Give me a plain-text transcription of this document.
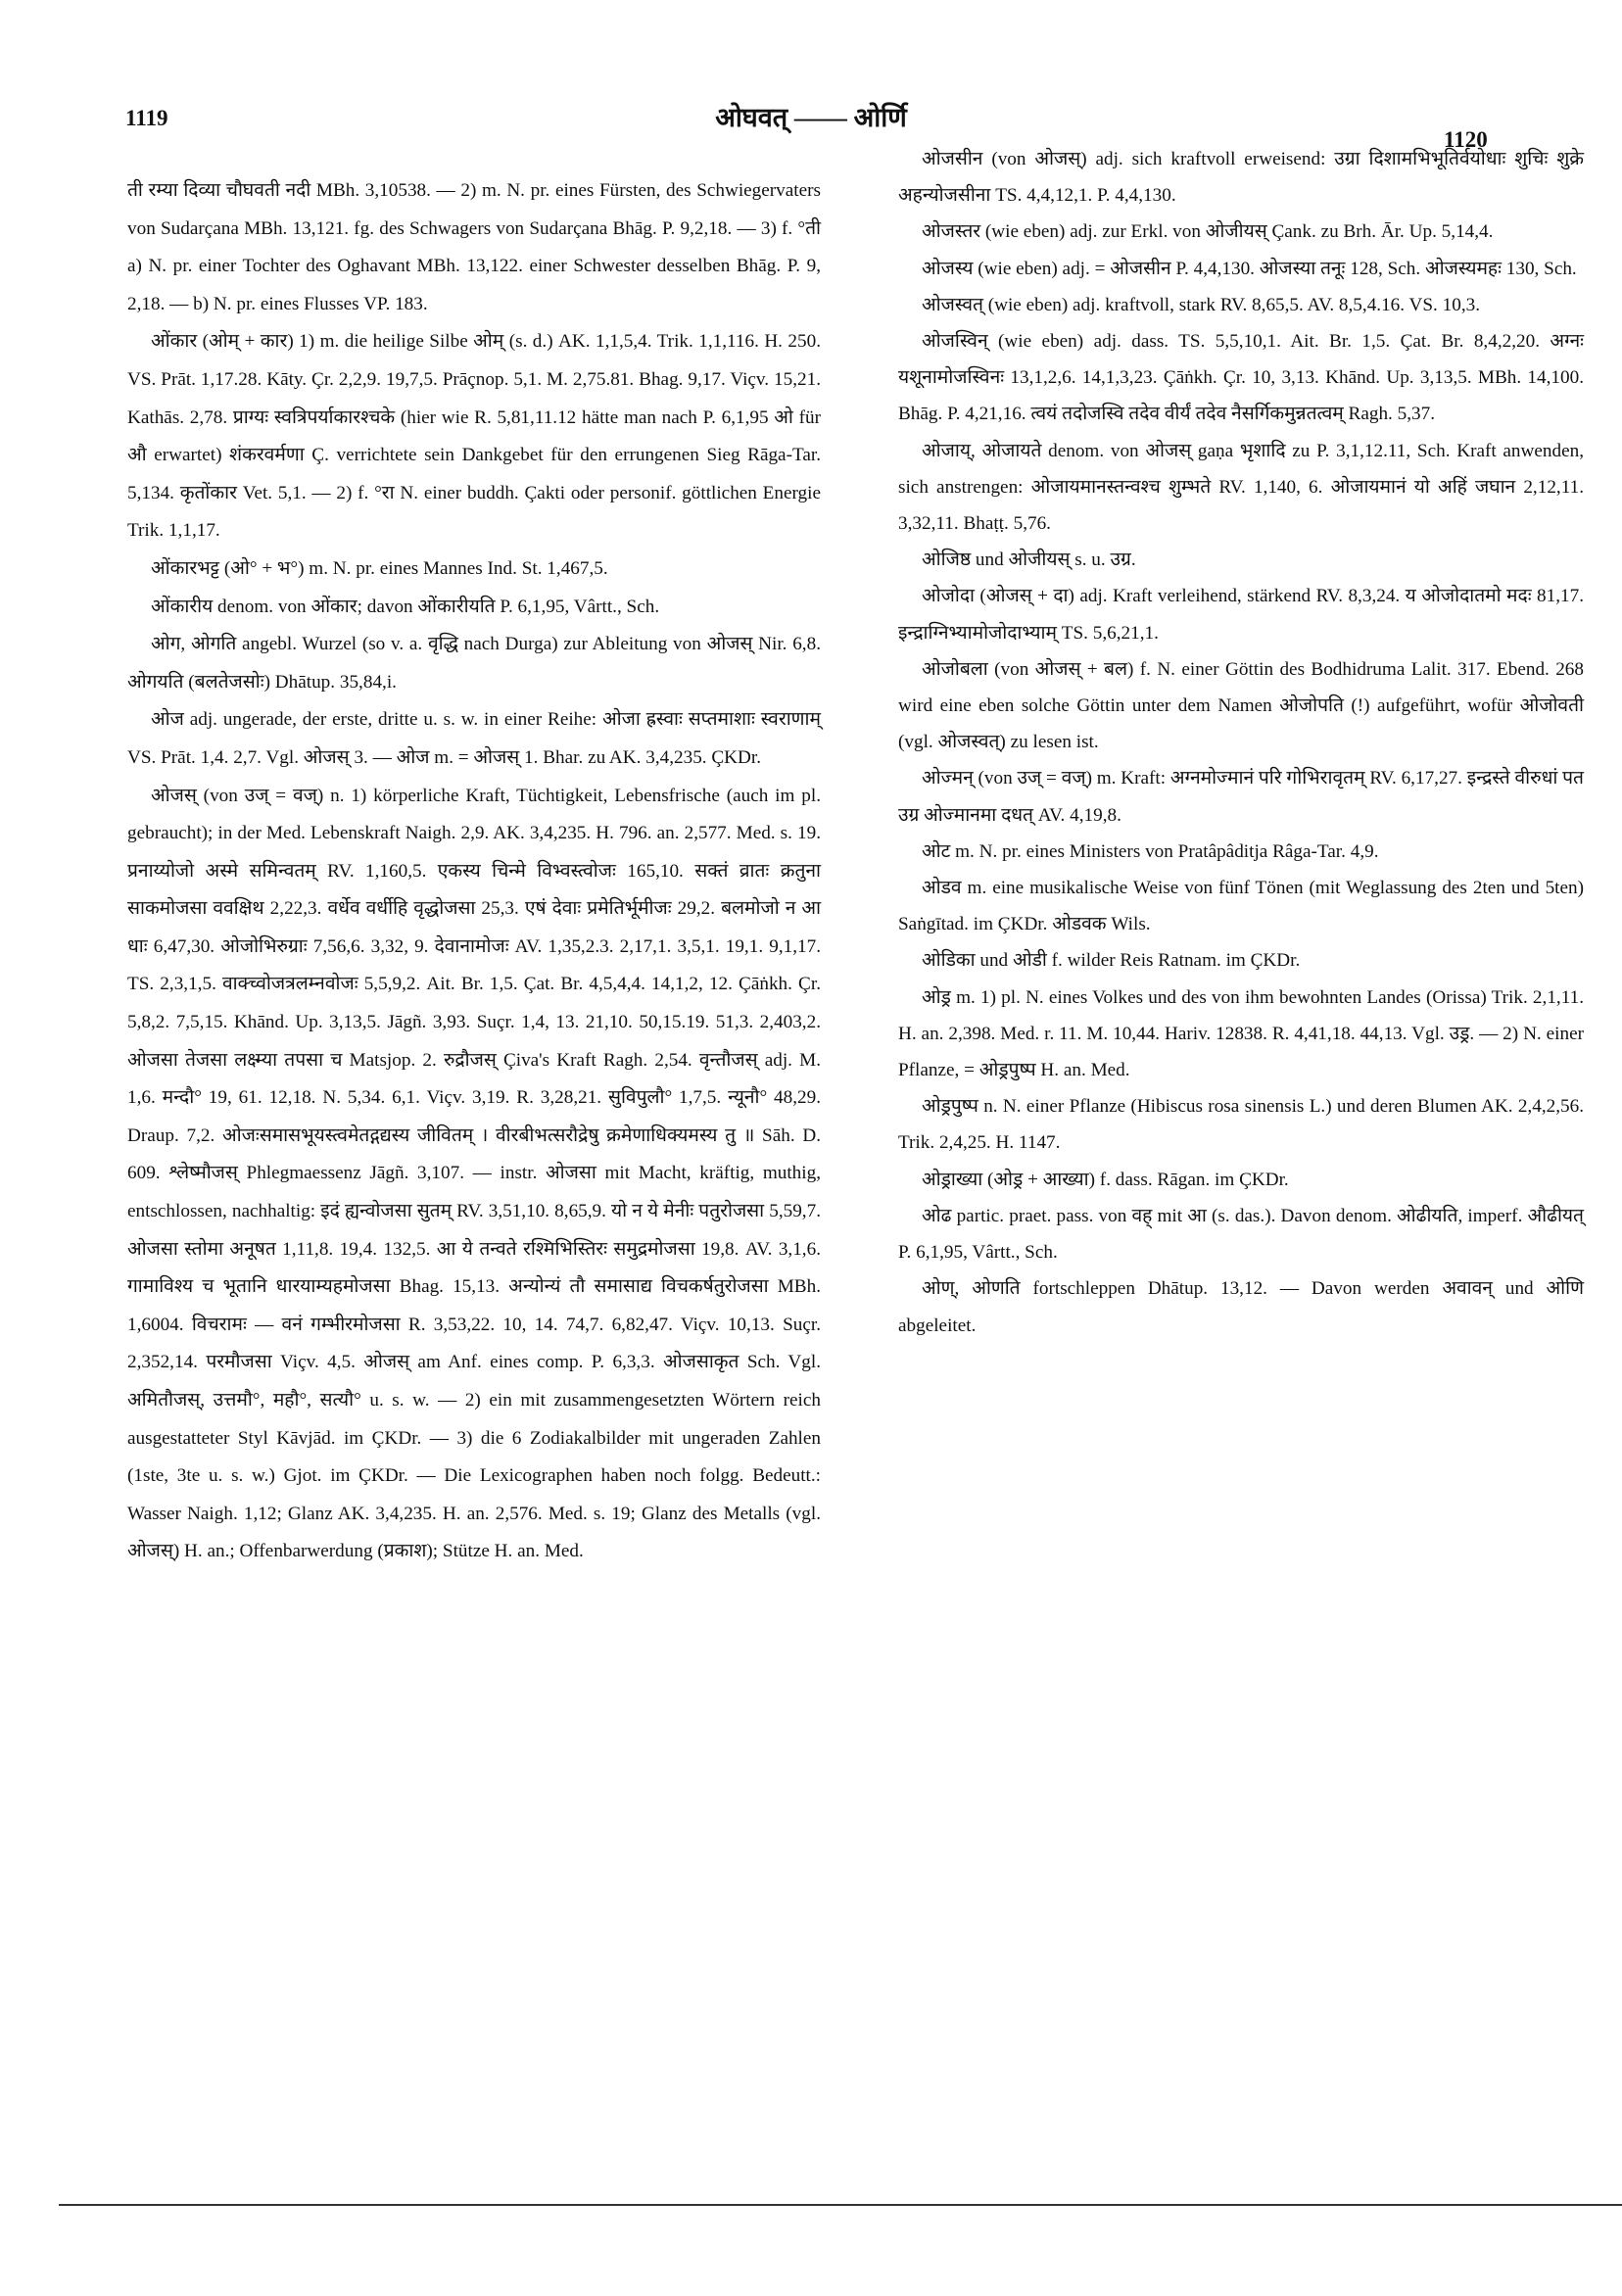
1119	ओघवत् —— ओर्णि
1120

ती रम्या दिव्या चौघवती नदी MBh. 3,10538. — 2) m. N. pr. eines Fürsten, des Schwiegervaters von Sudarçana MBh. 13,121. fg. des Schwagers von Sudarçana Bhāg. P. 9,2,18. — 3) f. °ती a) N. pr. einer Tochter des Oghavant MBh. 13,122. einer Schwester desselben Bhāg. P. 9, 2,18. — b) N. pr. eines Flusses VP. 183.

ओंकार (ओम् + कार) 1) m. die heilige Silbe ओम् (s. d.) AK. 1,1,5,4. Trik. 1,1,116. H. 250. VS. Prāt. 1,17.28. Kāty. Çr. 2,2,9. 19,7,5. Prāçnop. 5,1. M. 2,75.81. Bhag. 9,17. Viçv. 15,21. Kathās. 2,78. प्राग्यः स्वत्रिपर्याकारश्चके (hier wie R. 5,81,11.12 hätte man nach P. 6,1,95 ओ für औ erwartet) शंकरवर्मणा Ç. verrichtete sein Dankgebet für den errungenen Sieg Rāga-Tar. 5,134. कृतोंकार Vet. 5,1. — 2) f. °रा N. einer buddh. Çakti oder personif. göttlichen Energie Trik. 1,1,17.

ओंकारभट्ट (ओ° + भ°) m. N. pr. eines Mannes Ind. St. 1,467,5.

ओंकारीय denom. von ओंकार; davon ओंकारीयति P. 6,1,95, Vârtt., Sch.

ओग, ओगति angebl. Wurzel (so v. a. वृद्धि nach Durga) zur Ableitung von ओजस् Nir. 6,8. ओगयति (बलतेजसोः) Dhātup. 35,84,i.

ओज adj. ungerade, der erste, dritte u. s. w. in einer Reihe: ओजा ह्रस्वाः सप्तमाशाः स्वराणाम् VS. Prāt. 1,4. 2,7. Vgl. ओजस् 3. — ओज m. = ओजस् 1. Bhar. zu AK. 3,4,235. ÇKDr.

ओजस् (von उज् = वज्) n. 1) körperliche Kraft, Tüchtigkeit, Lebensfrische (auch im pl. gebraucht); in der Med. Lebenskraft Naigh. 2,9. AK. 3,4,235. H. 796. an. 2,577. Med. s. 19. प्रनाय्योजो अस्मे समिन्वतम् RV. 1,160,5. एकस्य चिन्मे विभ्वस्त्वोजः 165,10. सक्तं व्रातः क्रतुना साकमोजसा ववक्षिथ 2,22,3. वर्धेव वर्धीहि वृद्धोजसा 25,3. एषं देवाः प्रमेतिर्भूमीजः 29,2. बलमोजो न आ धाः 6,47,30. ओजोभिरुग्राः 7,56,6. 3,32, 9. देवानामोजः AV. 1,35,2.3. 2,17,1. 3,5,1. 19,1. 9,1,17. TS. 2,3,1,5. वाक्च्वोजत्रलम्नवोजः 5,5,9,2. Ait. Br. 1,5. Çat. Br. 4,5,4,4. 14,1,2, 12. Çāṅkh. Çr. 5,8,2. 7,5,15. Khānd. Up. 3,13,5. Jāgñ. 3,93. Suçr. 1,4, 13. 21,10. 50,15.19. 51,3. 2,403,2. ओजसा तेजसा लक्ष्म्या तपसा च Matsjop. 2. रुद्रौजस् Çiva's Kraft Ragh. 2,54. वृन्तौजस् adj. M. 1,6. मन्दौ° 19, 61. 12,18. N. 5,34. 6,1. Viçv. 3,19. R. 3,28,21. सुविपुलौ° 1,7,5. न्यूनौ° 48,29. Draup. 7,2. ओजःसमासभूयस्त्वमेतद्गद्यस्य जीवितम् । वीरबीभत्सरौद्रेषु क्रमेणाधिक्यमस्य तु ॥ Sāh. D. 609. श्लेष्मौजस् Phlegmaessenz Jāgñ. 3,107. — instr. ओजसा mit Macht, kräftig, muthig, entschlossen, nachhaltig: इदं ह्यन्वोजसा सुतम् RV. 3,51,10. 8,65,9. यो न ये मेनीः पतुरोजसा 5,59,7. ओजसा स्तोमा अनूषत 1,11,8. 19,4. 132,5. आ ये तन्वते रश्मिभिस्तिरः समुद्रमोजसा 19,8. AV. 3,1,6. गामाविश्य च भूतानि धारयाम्यहमोजसा Bhag. 15,13. अन्योन्यं तौ समासाद्य विचकर्षतुरोजसा MBh. 1,6004. विचरामः — वनं गम्भीरमोजसा R. 3,53,22. 10, 14. 74,7. 6,82,47. Viçv. 10,13. Suçr. 2,352,14. परमौजसा Viçv. 4,5. ओजस् am Anf. eines comp. P. 6,3,3. ओजसाकृत Sch. Vgl. अमितौजस्, उत्तमौ°, महौ°, सत्यौ° u. s. w. — 2) ein mit zusammengesetzten Wörtern reich ausgestatteter Styl Kāvjād. im ÇKDr. — 3) die 6 Zodiakalbilder mit ungeraden Zahlen (1ste, 3te u. s. w.) Gjot. im ÇKDr. — Die Lexicographen haben noch folgg. Bedeutt.: Wasser Naigh. 1,12; Glanz AK. 3,4,235. H. an. 2,576. Med. s. 19; Glanz des Metalls (vgl. ओजस्) H. an.; Offenbarwerdung (प्रकाश); Stütze H. an. Med.

ओजसीन (von ओजस्) adj. sich kraftvoll erweisend: उग्रा दिशामभिभूतिर्वयोधाः शुचिः शुक्रे अहन्योजसीना TS. 4,4,12,1. P. 4,4,130.

ओजस्तर (wie eben) adj. zur Erkl. von ओजीयस् Çank. zu Brh. Ār. Up. 5,14,4.

ओजस्य (wie eben) adj. = ओजसीन P. 4,4,130. ओजस्या तनूः 128, Sch. ओजस्यमहः 130, Sch.

ओजस्वत् (wie eben) adj. kraftvoll, stark RV. 8,65,5. AV. 8,5,4.16. VS. 10,3.

ओजस्विन् (wie eben) adj. dass. TS. 5,5,10,1. Ait. Br. 1,5. Çat. Br. 8,4,2,20. अग्नः यशूनामोजस्विनः 13,1,2,6. 14,1,3,23. Çāṅkh. Çr. 10, 3,13. Khānd. Up. 3,13,5. MBh. 14,100. Bhāg. P. 4,21,16. त्वयं तदोजस्वि तदेव वीर्यं तदेव नैसर्गिकमुन्नतत्वम् Ragh. 5,37.

ओजाय्, ओजायते denom. von ओजस् gaṇa भृशादि zu P. 3,1,12.11, Sch. Kraft anwenden, sich anstrengen: ओजायमानस्तन्वश्च शुम्भते RV. 1,140, 6. ओजायमानं यो अहिं जघान 2,12,11. 3,32,11. Bhaṭṭ. 5,76.

ओजिष्ठ und ओजीयस् s. u. उग्र.

ओजोदा (ओजस् + दा) adj. Kraft verleihend, stärkend RV. 8,3,24. य ओजोदातमो मदः 81,17. इन्द्राग्निभ्यामोजोदाभ्याम् TS. 5,6,21,1.

ओजोबला (von ओजस् + बल) f. N. einer Göttin des Bodhidruma Lalit. 317. Ebend. 268 wird eine eben solche Göttin unter dem Namen ओजोपति (!) aufgeführt, wofür ओजोवती (vgl. ओजस्वत्) zu lesen ist.

ओज्मन् (von उज् = वज्) m. Kraft: अग्नमोज्मानं परि गोभिरावृतम् RV. 6,17,27. इन्द्रस्ते वीरुधां पत उग्र ओज्मानमा दधत् AV. 4,19,8.

ओट m. N. pr. eines Ministers von Pratâpâditja Râga-Tar. 4,9.

ओडव m. eine musikalische Weise von fünf Tönen (mit Weglassung des 2ten und 5ten) Saṅgītad. im ÇKDr. ओडवक Wils.

ओडिका und ओडी f. wilder Reis Ratnam. im ÇKDr.

ओड्र m. 1) pl. N. eines Volkes und des von ihm bewohnten Landes (Orissa) Trik. 2,1,11. H. an. 2,398. Med. r. 11. M. 10,44. Hariv. 12838. R. 4,41,18. 44,13. Vgl. उड्र. — 2) N. einer Pflanze, = ओड्रपुष्प H. an. Med.

ओड्रपुष्प n. N. einer Pflanze (Hibiscus rosa sinensis L.) und deren Blumen AK. 2,4,2,56. Trik. 2,4,25. H. 1147.

ओड्राख्या (ओड्र + आख्या) f. dass. Rāgan. im ÇKDr.

ओढ partic. praet. pass. von वह् mit आ (s. das.). Davon denom. ओढीयति, imperf. औढीयत् P. 6,1,95, Vârtt., Sch.

ओण्, ओणति fortschleppen Dhātup. 13,12. — Davon werden अवावन् und ओणि abgeleitet.
